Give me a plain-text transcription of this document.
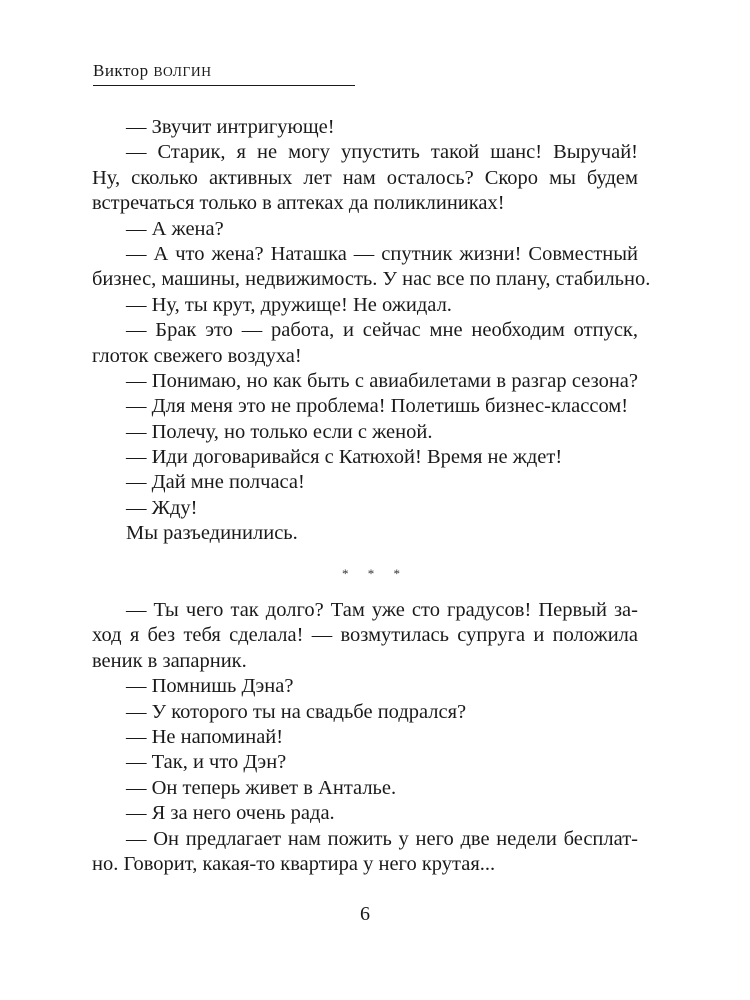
Виктор ВОЛГИН
— Звучит интригующе!
— Старик, я не могу упустить такой шанс! Выручай!
Ну, сколько активных лет нам осталось? Скоро мы будем
встречаться только в аптеках да поликлиниках!
— А жена?
— А что жена? Наташка — спутник жизни! Совместный
бизнес, машины, недвижимость. У нас все по плану, стабильно.
— Ну, ты крут, дружище! Не ожидал.
— Брак это — работа, и сейчас мне необходим отпуск,
глоток свежего воздуха!
— Понимаю, но как быть с авиабилетами в разгар сезона?
— Для меня это не проблема! Полетишь бизнес-классом!
— Полечу, но только если с женой.
— Иди договаривайся с Катюхой! Время не ждет!
— Дай мне полчаса!
— Жду!
Мы разъединились.
* * *
— Ты чего так долго? Там уже сто градусов! Первый за-
ход я без тебя сделала! — возмутилась супруга и положила
веник в запарник.
— Помнишь Дэна?
— У которого ты на свадьбе подрался?
— Не напоминай!
— Так, и что Дэн?
— Он теперь живет в Анталье.
— Я за него очень рада.
— Он предлагает нам пожить у него две недели бесплат-
но. Говорит, какая-то квартира у него крутая...
6
